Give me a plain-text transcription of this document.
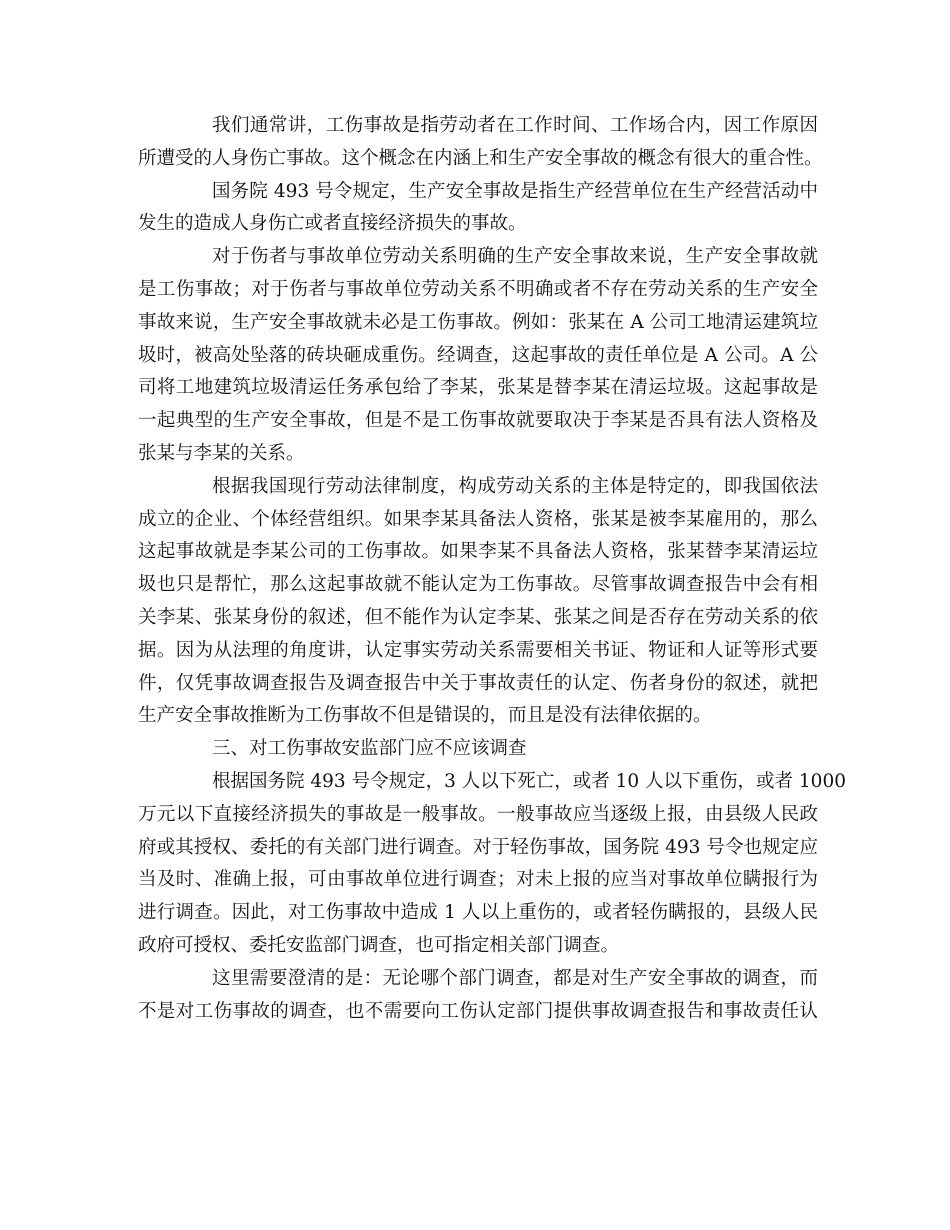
我们通常讲，工伤事故是指劳动者在工作时间、工作场合内，因工作原因
所遭受的人身伤亡事故。这个概念在内涵上和生产安全事故的概念有很大的重合性。
国务院 493 号令规定，生产安全事故是指生产经营单位在生产经营活动中
发生的造成人身伤亡或者直接经济损失的事故。
对于伤者与事故单位劳动关系明确的生产安全事故来说，生产安全事故就
是工伤事故；对于伤者与事故单位劳动关系不明确或者不存在劳动关系的生产安全
事故来说，生产安全事故就未必是工伤事故。例如：张某在 A 公司工地清运建筑垃
圾时，被高处坠落的砖块砸成重伤。经调查，这起事故的责任单位是 A 公司。A 公
司将工地建筑垃圾清运任务承包给了李某，张某是替李某在清运垃圾。这起事故是
一起典型的生产安全事故，但是不是工伤事故就要取决于李某是否具有法人资格及
张某与李某的关系。
根据我国现行劳动法律制度，构成劳动关系的主体是特定的，即我国依法
成立的企业、个体经营组织。如果李某具备法人资格，张某是被李某雇用的，那么
这起事故就是李某公司的工伤事故。如果李某不具备法人资格，张某替李某清运垃
圾也只是帮忙，那么这起事故就不能认定为工伤事故。尽管事故调查报告中会有相
关李某、张某身份的叙述，但不能作为认定李某、张某之间是否存在劳动关系的依
据。因为从法理的角度讲，认定事实劳动关系需要相关书证、物证和人证等形式要
件，仅凭事故调查报告及调查报告中关于事故责任的认定、伤者身份的叙述，就把
生产安全事故推断为工伤事故不但是错误的，而且是没有法律依据的。
三、对工伤事故安监部门应不应该调查
根据国务院 493 号令规定，3 人以下死亡，或者 10 人以下重伤，或者 1000
万元以下直接经济损失的事故是一般事故。一般事故应当逐级上报，由县级人民政
府或其授权、委托的有关部门进行调查。对于轻伤事故，国务院 493 号令也规定应
当及时、准确上报，可由事故单位进行调查；对未上报的应当对事故单位瞒报行为
进行调查。因此，对工伤事故中造成 1 人以上重伤的，或者轻伤瞒报的，县级人民
政府可授权、委托安监部门调查，也可指定相关部门调查。
这里需要澄清的是：无论哪个部门调查，都是对生产安全事故的调查，而
不是对工伤事故的调查，也不需要向工伤认定部门提供事故调查报告和事故责任认
